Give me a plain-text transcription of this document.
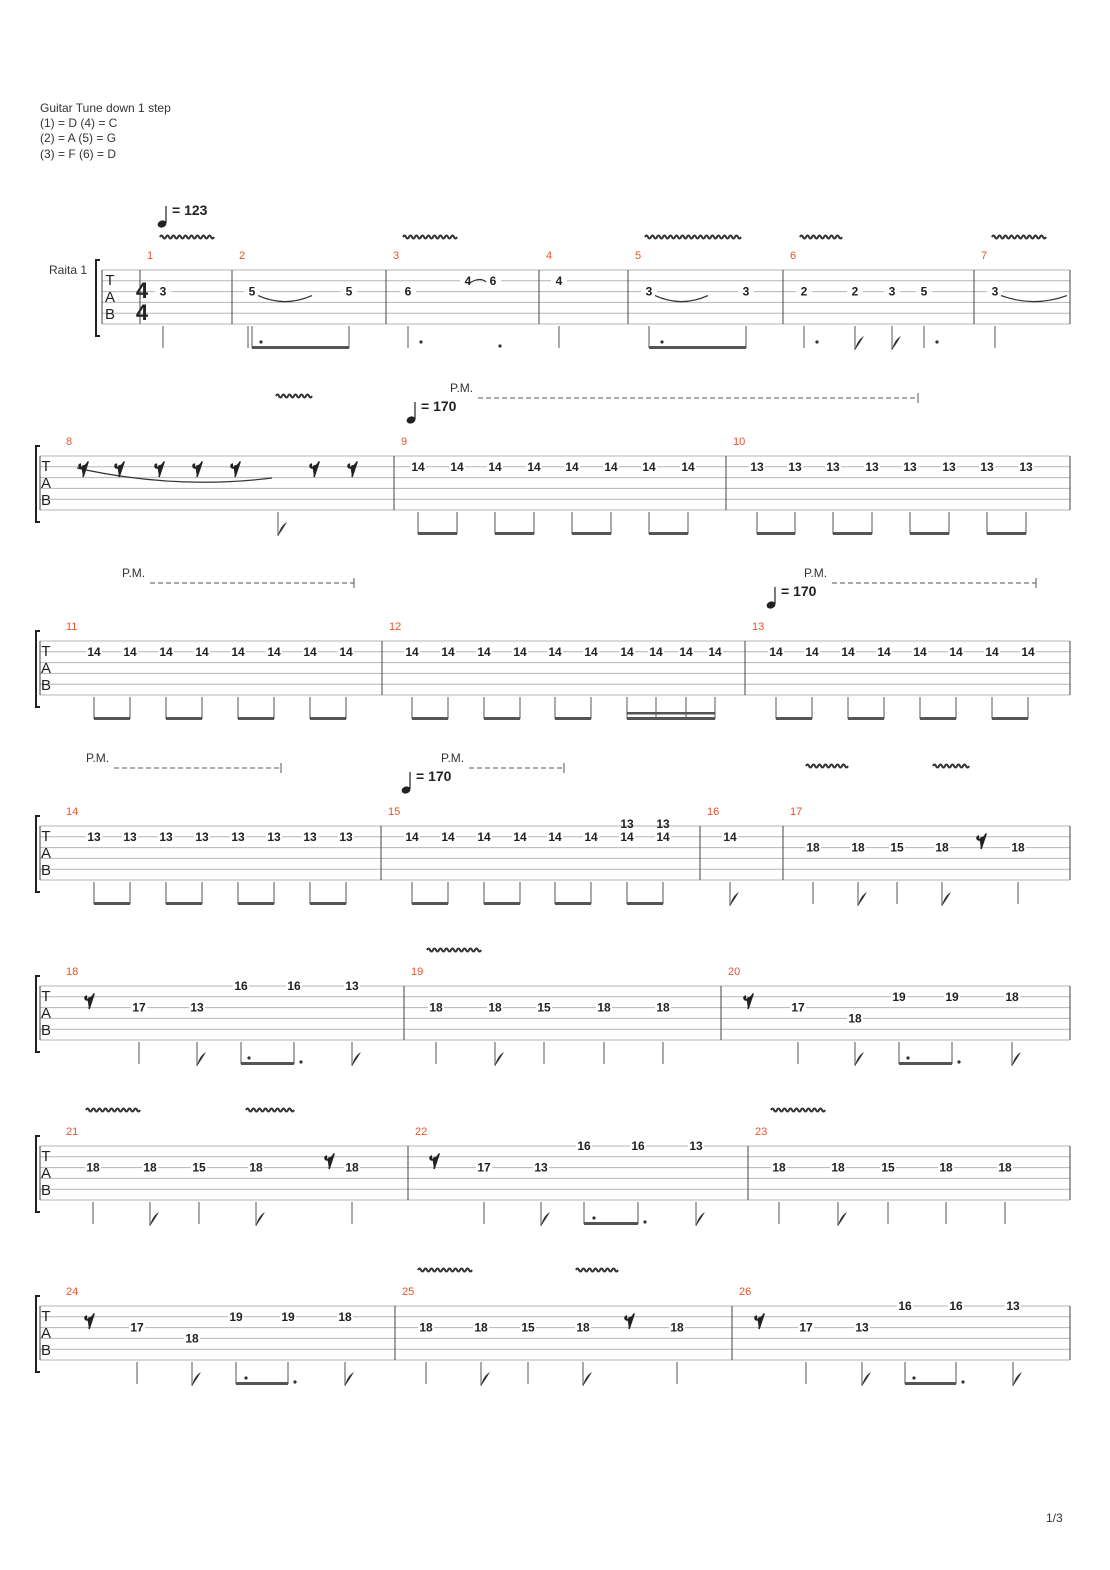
Guitar Tune down 1 step
(1) = D (4) = C
(2) = A (5) = G
(3) = F (6) = D
T
A
B
1
4
4
3
2
5	5
3
6
4 6
4
4
5
3	3
6
2	2	3 5
7
3
T
A
B
8	9
14 14 14 14 14 14 14 14
10
13 13 13 13 13 13 13 13
T
A
B
11
14 14 14 14 14 14 14 14
12
14 14 14 14 14 14 14 14 14 14
13
14 14 14 14 14 14 14 14
T
A
B
14
13 13 13 13 13 13 13 13
15
14 14 14 14 14 14 14
13
14
13
16
14
17
18	18 15	18	18
T
A
B
18
17	13
16	16	13
19
18	18	15	18	18
20
17
18
19	19	18
T
A
B
21
18	18	15	18	18
22
17	13
16	16	13
23
18	18	15	18	18
T
A
B
24
17
18
19	19	18
25
18	18	15	18	18
26
17	13
16	16	13
P.M.
P.M.	P.M.
P.M.	P.M.
= 123
= 170
= 170
= 170
Raita 1
1/3
